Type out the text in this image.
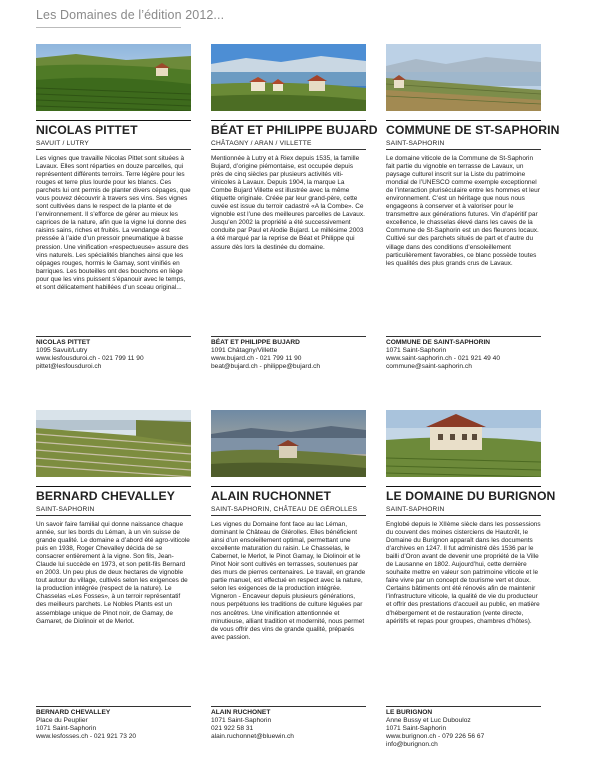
Les Domaines de l’édition 2012...
NICOLAS PITTET
SAVUIT / LUTRY
Les vignes que travaille Nicolas Pittet sont situées à Lavaux. Elles sont réparties en douze parcelles, qui représentent différents terroirs. Terre légère pour les rouges et terre plus lourde pour les blancs. Ces parchets lui ont permis de planter divers cépages, que vous pouvez découvrir à travers ses vins. Ses vignes sont cultivées dans le respect de la plante et de l’environnement. Il s’efforce de gérer au mieux les caprices de la nature, afin que la vigne lui donne des raisins sains, riches et fruités. La vendange est pressée à l’aide d’un pressoir pneumatique à basse pression. Une vinification «respectueuse» assure des vins naturels. Les spécialités blanches ainsi que les cépages rouges, hormis le Gamay, sont vinifiés en barriques. Les bouteilles ont des bouchons en liège pour que les vins puissent s’épanouir avec le temps, et sont délicatement habillées d’un sceau original...
NICOLAS PITTET
1095 Savuit/Lutry
www.lesfousduroi.ch - 021 799 11 90
pittet@lesfousduroi.ch
BÉAT ET PHILIPPE BUJARD
CHÂTAGNY / ARAN / VILLETTE
Mentionnée à Lutry et à Riex depuis 1535, la famille Bujard, d’origine piémontaise, est occupée depuis près de cinq siècles par plusieurs activités viti-vinicoles à Lavaux. Depuis 1904, la marque La Combe Bujard Villette est illustrée avec la même étiquette originale. Créée par leur grand-père, cette cuvée est issue du terroir cadastré «A la Combe». Ce vignoble est l’une des meilleures parcelles de Lavaux. Jusqu’en 2002 la propriété a été successivement conduite par Paul et Alodie Bujard. Le millésime 2003 a été marqué par la reprise de Béat et Philippe qui assure dès lors la destinée du domaine.
BÉAT ET PHILIPPE BUJARD
1091 Châtagny/Villette
www.bujard.ch - 021 799 11 90
beat@bujard.ch - philippe@bujard.ch
COMMUNE DE ST-SAPHORIN
SAINT-SAPHORIN
Le domaine viticole de la Commune de St-Saphorin fait partie du vignoble en terrasse de Lavaux, un paysage culturel inscrit sur la Liste du patrimoine mondial de l’UNESCO comme exemple exceptionnel de l’interaction pluriséculaire entre les hommes et leur environnement. C’est un héritage que nous nous engageons à conserver et à valoriser pour le transmettre aux générations futures. Vin d’apéritif par excellence, le chasselas élevé dans les caves de la Commune de St-Saphorin est un des fleurons locaux. Cultivé sur des parchets situés de part et d’autre du village dans des conditions d’ensoleillement particulièrement favorables, ce blanc possède toutes les qualités des plus grands crus de Lavaux.
COMMUNE DE SAINT-SAPHORIN
1071 Saint-Saphorin
www.saint-saphorin.ch - 021 921 49 40
commune@saint-saphorin.ch
BERNARD CHEVALLEY
SAINT-SAPHORIN
Un savoir faire familial qui donne naissance chaque année, sur les bords du Léman, à un vin suisse de grande qualité. Le domaine a d’abord été agro-viticole puis en 1938, Roger Chevalley décida de se consacrer entièrement à la vigne. Son fils, Jean-Claude lui succède en 1973, et son petit-fils Bernard en 2003. Un peu plus de deux hectares de vignoble tout autour du village, cultivés selon les exigences de la production intégrée (respect de la nature). Le Chasselas «Les Fosses», à un terroir représentatif des meilleurs parchets. Le Nobles Plants est un assemblage unique de Pinot noir, de Gamay, de Gamaret, de Diolinoir et de Merlot.
BERNARD CHEVALLEY
Place du Peuplier
1071 Saint-Saphorin
www.lesfosses.ch - 021 921 73 20
ALAIN RUCHONNET
SAINT-SAPHORIN, CHÂTEAU DE GÉROLLES
Les vignes du Domaine font face au lac Léman, dominant le Château de Glérolles. Elles bénéficient ainsi d’un ensoleillement optimal, permettant une excellente maturation du raisin. Le Chasselas, le Cabernet, le Merlot, le Pinot Gamay, le Diolinoir et le Pinot Noir sont cultivés en terrasses, soutenues par des murs de pierres centenaires. Le travail, en grande partie manuel, est effectué en respect avec la nature, selon les exigences de la production intégrée. Vigneron - Encaveur depuis plusieurs générations, nous perpétuons les traditions de culture léguées par nos ancêtres. Une vinification attentionnée et minutieuse, alliant tradition et modernité, nous permet de vous offrir des vins de grande qualité, préparés avec passion.
ALAIN RUCHONET
1071 Saint-Saphorin
021 922 58 31
alain.ruchonnet@bluewin.ch
LE DOMAINE DU BURIGNON
SAINT-SAPHORIN
Englobé depuis le XIIème siècle dans les possessions du couvent des moines cisterciens de Hautcrêt, le Domaine du Burignon apparaît dans les documents d’archives en 1247. Il fut administré dès 1536 par le bailli d’Oron avant de devenir une propriété de la Ville de Lausanne en 1802. Aujourd’hui, cette dernière souhaite mettre en valeur son patrimoine viticole et le faire vivre par un concept de tourisme vert et doux. Certains bâtiments ont été rénovés afin de maintenir l’infrastructure viticole, la qualité de vie du producteur et offrir des prestations d’accueil au public, en matière d’hébergement et de restauration (vente directe, apéritifs et repas pour groupes, chambres d’hôtes).
LE BURIGNON
Anne Bussy et Luc Dubouloz
1071 Saint-Saphorin
www.burignon.ch - 079 226 56 67
info@burignon.ch
